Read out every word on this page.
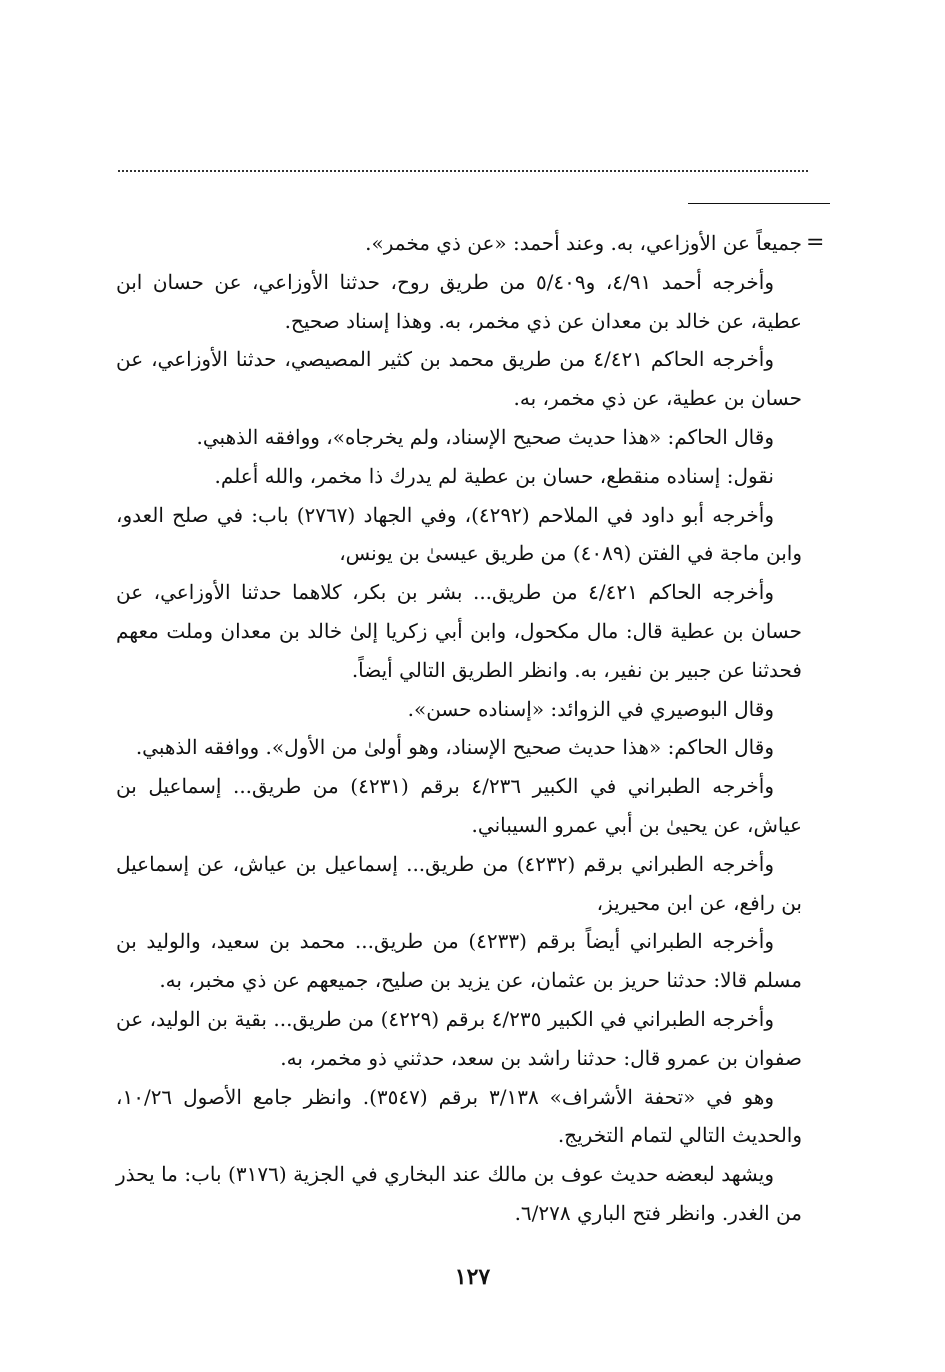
=

جميعاً عن الأوزاعي، به. وعند أحمد: «عن ذي مخمر».

وأخرجه أحمد ٤/٩١، و٥/٤٠٩ من طريق روح، حدثنا الأوزاعي، عن حسان ابن عطية، عن خالد بن معدان عن ذي مخمر، به. وهذا إسناد صحيح.

وأخرجه الحاكم ٤/٤٢١ من طريق محمد بن كثير المصيصي، حدثنا الأوزاعي، عن حسان بن عطية، عن ذي مخمر، به.

وقال الحاكم: «هذا حديث صحيح الإسناد، ولم يخرجاه»، ووافقه الذهبي.

نقول: إسناده منقطع، حسان بن عطية لم يدرك ذا مخمر، والله أعلم.

وأخرجه أبو داود في الملاحم (٤٢٩٢)، وفي الجهاد (٢٧٦٧) باب: في صلح العدو، وابن ماجة في الفتن (٤٠٨٩) من طريق عيسىٰ بن يونس،

وأخرجه الحاكم ٤/٤٢١ من طريق... بشر بن بكر، كلاهما حدثنا الأوزاعي، عن حسان بن عطية قال: مال مكحول، وابن أبي زكريا إلىٰ خالد بن معدان وملت معهم فحدثنا عن جبير بن نفير، به. وانظر الطريق التالي أيضاً.

وقال البوصيري في الزوائد: «إسناده حسن».

وقال الحاكم: «هذا حديث صحيح الإسناد، وهو أولىٰ من الأول». ووافقه الذهبي.

وأخرجه الطبراني في الكبير ٤/٢٣٦ برقم (٤٢٣١) من طريق... إسماعيل بن عياش، عن يحيىٰ بن أبي عمرو السيباني.

وأخرجه الطبراني برقم (٤٢٣٢) من طريق... إسماعيل بن عياش، عن إسماعيل بن رافع، عن ابن محيريز،

وأخرجه الطبراني أيضاً برقم (٤٢٣٣) من طريق... محمد بن سعيد، والوليد بن مسلم قالا: حدثنا حريز بن عثمان، عن يزيد بن صليح، جميعهم عن ذي مخبر، به.

وأخرجه الطبراني في الكبير ٤/٢٣٥ برقم (٤٢٢٩) من طريق... بقية بن الوليد، عن صفوان بن عمرو قال: حدثنا راشد بن سعد، حدثني ذو مخمر، به.

وهو في «تحفة الأشراف» ٣/١٣٨ برقم (٣٥٤٧). وانظر جامع الأصول ١٠/٢٦، والحديث التالي لتمام التخريج.

ويشهد لبعضه حديث عوف بن مالك عند البخاري في الجزية (٣١٧٦) باب: ما يحذر من الغدر. وانظر فتح الباري ٦/٢٧٨.

١٢٧
